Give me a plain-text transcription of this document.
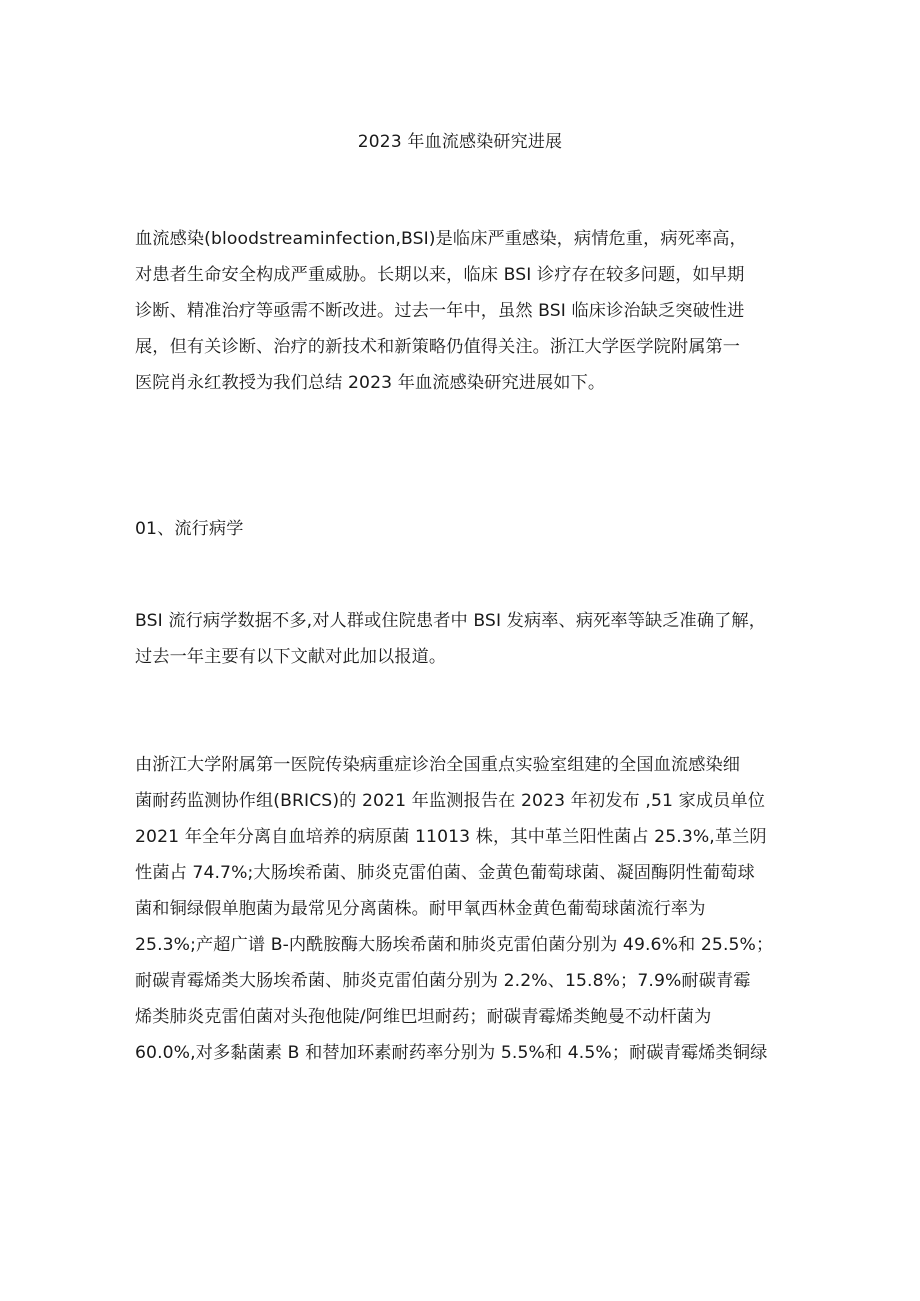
2023 年血流感染研究进展

血流感染(bloodstreaminfection,BSI)是临床严重感染，病情危重，病死率高，
对患者生命安全构成严重威胁。长期以来，临床 BSI 诊疗存在较多问题，如早期
诊断、精准治疗等亟需不断改进。过去一年中，虽然 BSI 临床诊治缺乏突破性进
展，但有关诊断、治疗的新技术和新策略仍值得关注。浙江大学医学院附属第一
医院肖永红教授为我们总结 2023 年血流感染研究进展如下。

01、流行病学

BSI 流行病学数据不多,对人群或住院患者中 BSI 发病率、病死率等缺乏准确了解，
过去一年主要有以下文献对此加以报道。

由浙江大学附属第一医院传染病重症诊治全国重点实验室组建的全国血流感染细
菌耐药监测协作组(BRICS)的 2021 年监测报告在 2023 年初发布 ,51 家成员单位
2021 年全年分离自血培养的病原菌 11013 株，其中革兰阳性菌占 25.3%,革兰阴
性菌占 74.7%;大肠埃希菌、肺炎克雷伯菌、金黄色葡萄球菌、凝固酶阴性葡萄球
菌和铜绿假单胞菌为最常见分离菌株。耐甲氧西林金黄色葡萄球菌流行率为
25.3%;产超广谱 B-内酰胺酶大肠埃希菌和肺炎克雷伯菌分别为 49.6%和 25.5%；
耐碳青霉烯类大肠埃希菌、肺炎克雷伯菌分别为 2.2%、15.8%；7.9%耐碳青霉
烯类肺炎克雷伯菌对头孢他陡/阿维巴坦耐药；耐碳青霉烯类鲍曼不动杆菌为
60.0%,对多黏菌素 B 和替加环素耐药率分别为 5.5%和 4.5%；耐碳青霉烯类铜绿
